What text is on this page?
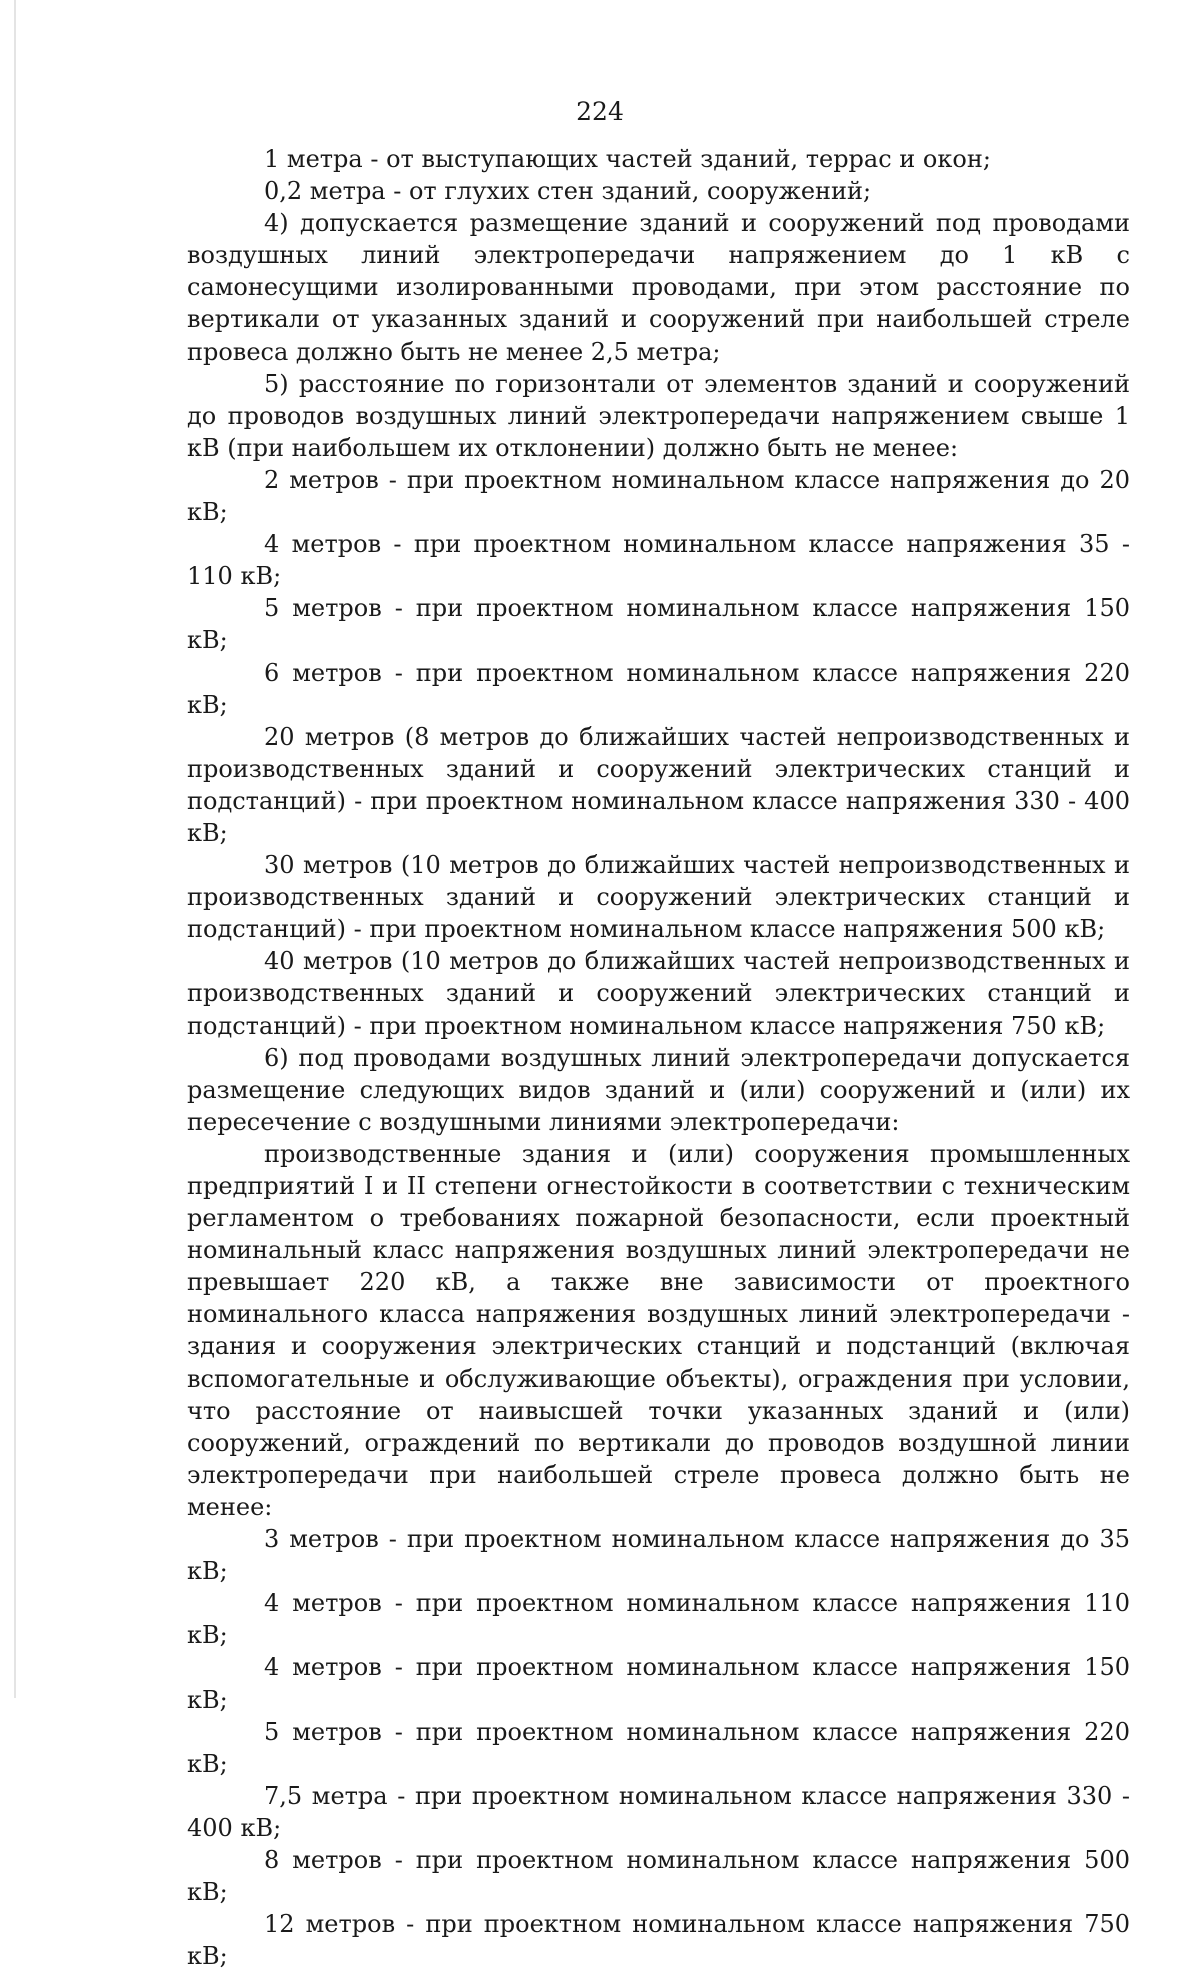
224

1 метра - от выступающих частей зданий, террас и окон;

0,2 метра - от глухих стен зданий, сооружений;

4) допускается размещение зданий и сооружений под проводами воздушных линий электропередачи напряжением до 1 кВ с самонесущими изолированными проводами, при этом расстояние по вертикали от указанных зданий и сооружений при наибольшей стреле провеса должно быть не менее 2,5 метра;

5) расстояние по горизонтали от элементов зданий и сооружений до проводов воздушных линий электропередачи напряжением свыше 1 кВ (при наибольшем их отклонении) должно быть не менее:

2 метров - при проектном номинальном классе напряжения до 20 кВ;

4 метров - при проектном номинальном классе напряжения 35 - 110 кВ;

5 метров - при проектном номинальном классе напряжения 150 кВ;

6 метров - при проектном номинальном классе напряжения 220 кВ;

20 метров (8 метров до ближайших частей непроизводственных и производственных зданий и сооружений электрических станций и подстанций) - при проектном номинальном классе напряжения 330 - 400 кВ;

30 метров (10 метров до ближайших частей непроизводственных и производственных зданий и сооружений электрических станций и подстанций) - при проектном номинальном классе напряжения 500 кВ;

40 метров (10 метров до ближайших частей непроизводственных и производственных зданий и сооружений электрических станций и подстанций) - при проектном номинальном классе напряжения 750 кВ;

6) под проводами воздушных линий электропередачи допускается размещение следующих видов зданий и (или) сооружений и (или) их пересечение с воздушными линиями электропередачи:

производственные здания и (или) сооружения промышленных предприятий I и II степени огнестойкости в соответствии с техническим регламентом о требованиях пожарной безопасности, если проектный номинальный класс напряжения воздушных линий электропередачи не превышает 220 кВ, а также вне зависимости от проектного номинального класса напряжения воздушных линий электропередачи - здания и сооружения электрических станций и подстанций (включая вспомогательные и обслуживающие объекты), ограждения при условии, что расстояние от наивысшей точки указанных зданий и (или) сооружений, ограждений по вертикали до проводов воздушной линии электропередачи при наибольшей стреле провеса должно быть не менее:

3 метров - при проектном номинальном классе напряжения до 35 кВ;

4 метров - при проектном номинальном классе напряжения 110 кВ;

4 метров - при проектном номинальном классе напряжения 150 кВ;

5 метров - при проектном номинальном классе напряжения 220 кВ;

7,5 метра - при проектном номинальном классе напряжения 330 - 400 кВ;

8 метров - при проектном номинальном классе напряжения 500 кВ;

12 метров - при проектном номинальном классе напряжения 750 кВ;
